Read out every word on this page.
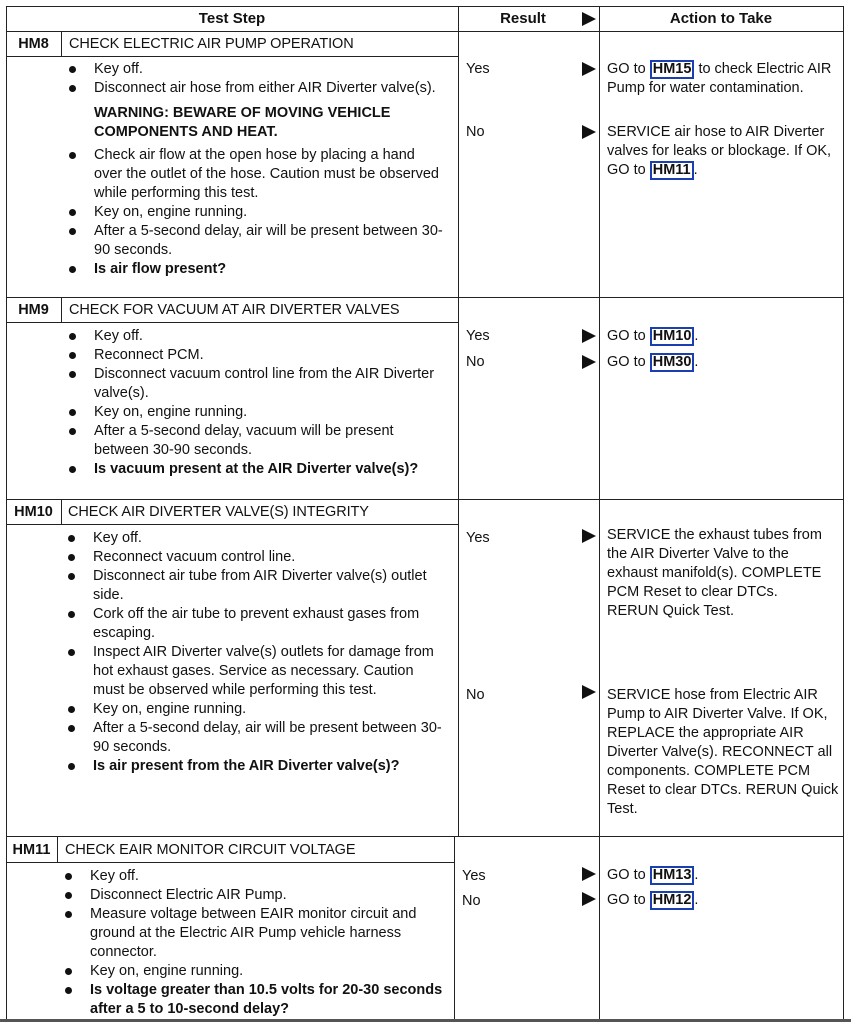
Test Step	Result	Action to Take
HM8	CHECK ELECTRIC AIR PUMP OPERATION
Key off.
Disconnect air hose from either AIR Diverter valve(s).
WARNING: BEWARE OF MOVING VEHICLE COMPONENTS AND HEAT.
Check air flow at the open hose by placing a hand over the outlet of the hose. Caution must be observed while performing this test.
Key on, engine running.
After a 5-second delay, air will be present between 30-90 seconds.
Is air flow present?
Yes	GO to HM15 to check Electric AIR Pump for water contamination.
No	SERVICE air hose to AIR Diverter valves for leaks or blockage. If OK, GO to HM11 .
HM9	CHECK FOR VACUUM AT AIR DIVERTER VALVES
Key off.
Reconnect PCM.
Disconnect vacuum control line from the AIR Diverter valve(s).
Key on, engine running.
After a 5-second delay, vacuum will be present between 30-90 seconds.
Is vacuum present at the AIR Diverter valve(s)?
Yes	GO to HM10 .
No	GO to HM30 .
HM10	CHECK AIR DIVERTER VALVE(S) INTEGRITY
Key off.
Reconnect vacuum control line.
Disconnect air tube from AIR Diverter valve(s) outlet side.
Cork off the air tube to prevent exhaust gases from escaping.
Inspect AIR Diverter valve(s) outlets for damage from hot exhaust gases. Service as necessary. Caution must be observed while performing this test.
Key on, engine running.
After a 5-second delay, air will be present between 30-90 seconds.
Is air present from the AIR Diverter valve(s)?
Yes	SERVICE the exhaust tubes from the AIR Diverter Valve to the exhaust manifold(s). COMPLETE PCM Reset to clear DTCs. RERUN Quick Test.
No	SERVICE hose from Electric AIR Pump to AIR Diverter Valve. If OK, REPLACE the appropriate AIR Diverter Valve(s). RECONNECT all components. COMPLETE PCM Reset to clear DTCs. RERUN Quick Test.
HM11	CHECK EAIR MONITOR CIRCUIT VOLTAGE
Key off.
Disconnect Electric AIR Pump.
Measure voltage between EAIR monitor circuit and ground at the Electric AIR Pump vehicle harness connector.
Key on, engine running.
Is voltage greater than 10.5 volts for 20-30 seconds after a 5 to 10-second delay?
Yes	GO to HM13 .
No	GO to HM12 .
